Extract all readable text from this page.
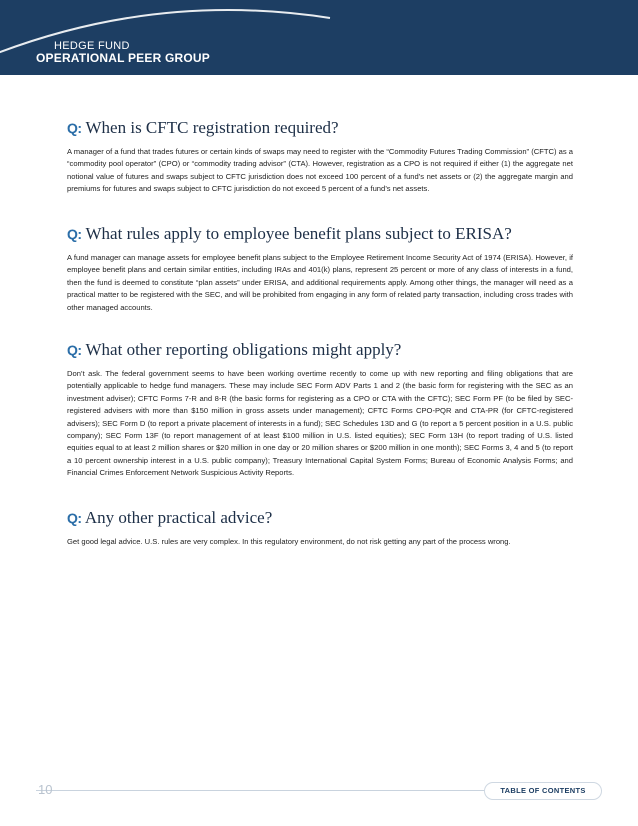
HEDGE FUND
OPERATIONAL PEER GROUP
Q: When is CFTC registration required?
A manager of a fund that trades futures or certain kinds of swaps may need to register with the “Commodity Futures Trading Commission” (CFTC) as a “commodity pool operator” (CPO) or “commodity trading advisor” (CTA). However, registration as a CPO is not required if either (1) the aggregate net notional value of futures and swaps subject to CFTC jurisdiction does not exceed 100 percent of a fund’s net assets or (2) the aggregate margin and premiums for futures and swaps subject to CFTC jurisdiction do not exceed 5 percent of a fund’s net assets.
Q: What rules apply to employee benefit plans subject to ERISA?
A fund manager can manage assets for employee benefit plans subject to the Employee Retirement Income Security Act of 1974 (ERISA). However, if employee benefit plans and certain similar entities, including IRAs and 401(k) plans, represent 25 percent or more of any class of interests in a fund, then the fund is deemed to constitute “plan assets” under ERISA, and additional requirements apply. Among other things, the manager will need as a practical matter to be registered with the SEC, and will be prohibited from engaging in any form of related party transaction, including cross trades with other managed accounts.
Q: What other reporting obligations might apply?
Don’t ask. The federal government seems to have been working overtime recently to come up with new reporting and filing obligations that are potentially applicable to hedge fund managers. These may include SEC Form ADV Parts 1 and 2 (the basic form for registering with the SEC as an investment adviser); CFTC Forms 7-R and 8-R (the basic forms for registering as a CPO or CTA with the CFTC); SEC Form PF (to be filed by SEC-registered advisers with more than $150 million in gross assets under management); CFTC Forms CPO-PQR and CTA-PR (for CFTC-registered advisers); SEC Form D (to report a private placement of interests in a fund); SEC Schedules 13D and G (to report a 5 percent position in a U.S. public company); SEC Form 13F (to report management of at least $100 million in U.S. listed equities); SEC Form 13H (to report trading of U.S. listed equities equal to at least 2 million shares or $20 million in one day or 20 million shares or $200 million in one month); SEC Forms 3, 4 and 5 (to report a 10 percent ownership interest in a U.S. public company); Treasury International Capital System Forms; Bureau of Economic Analysis Forms; and Financial Crimes Enforcement Network Suspicious Activity Reports.
Q: Any other practical advice?
Get good legal advice. U.S. rules are very complex. In this regulatory environment, do not risk getting any part of the process wrong.
10	TABLE OF CONTENTS
